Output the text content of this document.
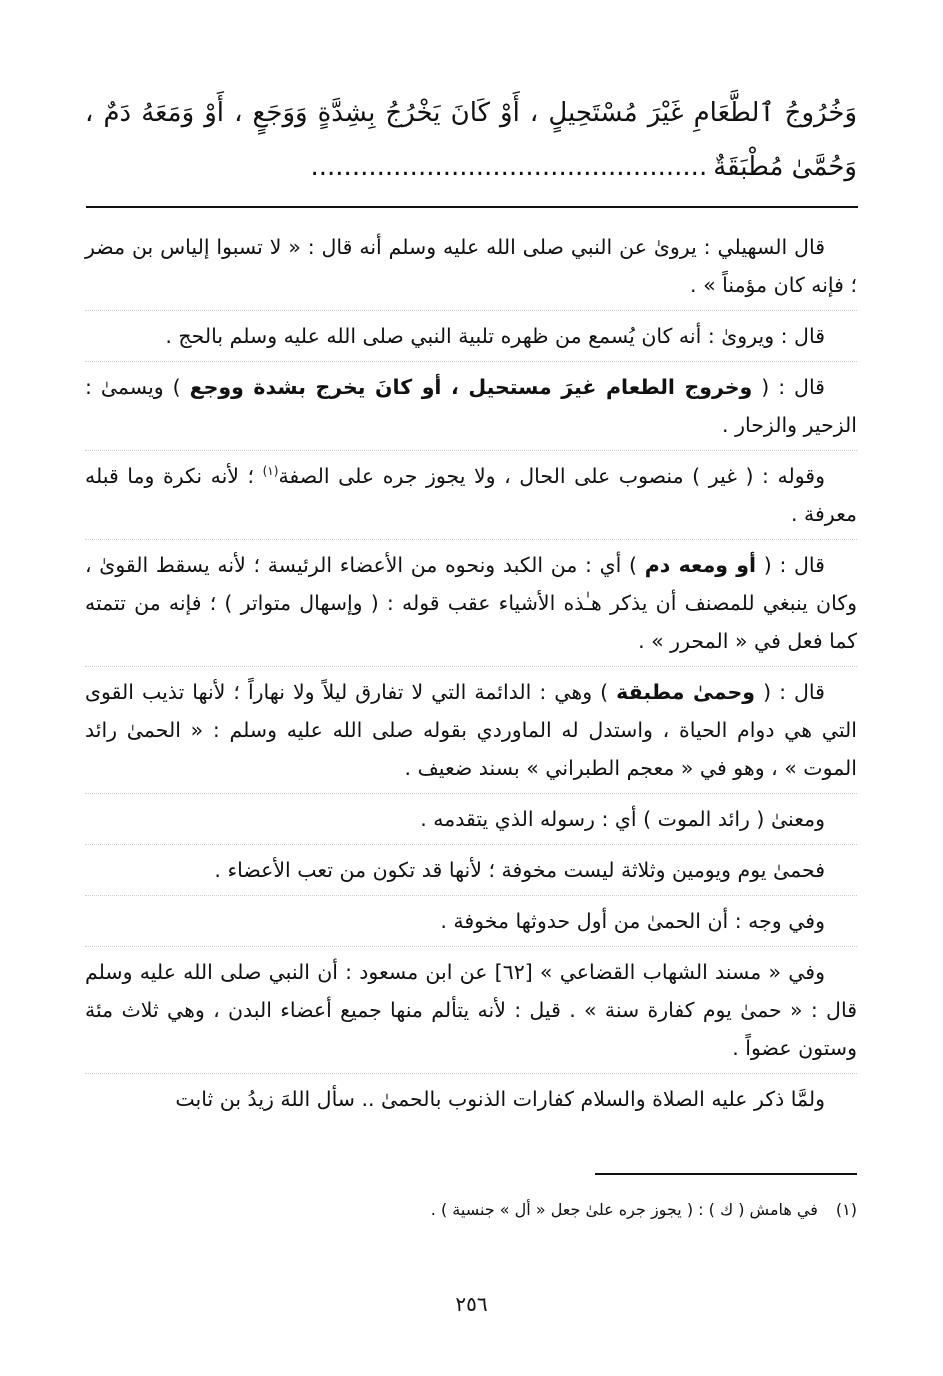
وَخُرُوجُ ٱلطَّعَامِ غَيْرَ مُسْتَحِيلٍ ، أَوْ كَانَ يَخْرُجُ بِشِدَّةٍ وَوَجَعٍ ، أَوْ وَمَعَهُ دَمٌ ، وَحُمَّىٰ مُطْبَقَةٌ................................................

قال السهيلي : يروىٰ عن النبي صلى الله عليه وسلم أنه قال : « لا تسبوا إلياس بن مضر ؛ فإنه كان مؤمناً » .

قال : ويروىٰ : أنه كان يُسمع من ظهره تلبية النبي صلى الله عليه وسلم بالحج .

قال : ( وخروج الطعام غيرَ مستحيل ، أو كانَ يخرج بشدة ووجع ) ويسمىٰ : الزحير والزحار .

وقوله : ( غير ) منصوب على الحال ، ولا يجوز جره على الصفة$^{(١)}$ ؛ لأنه نكرة وما قبله معرفة .

قال : ( أو ومعه دم ) أي : من الكبد ونحوه من الأعضاء الرئيسة ؛ لأنه يسقط القوىٰ ، وكان ينبغي للمصنف أن يذكر هـٰذه الأشياء عقب قوله : ( وإسهال متواتر ) ؛ فإنه من تتمته كما فعل في « المحرر » .

قال : ( وحمىٰ مطبقة ) وهي : الدائمة التي لا تفارق ليلاً ولا نهاراً ؛ لأنها تذيب القوى التي هي دوام الحياة ، واستدل له الماوردي بقوله صلى الله عليه وسلم : « الحمىٰ رائد الموت » ، وهو في « معجم الطبراني » بسند ضعيف .

ومعنىٰ ( رائد الموت ) أي : رسوله الذي يتقدمه .

فحمىٰ يوم ويومين وثلاثة ليست مخوفة ؛ لأنها قد تكون من تعب الأعضاء .

وفي وجه : أن الحمىٰ من أول حدوثها مخوفة .

وفي « مسند الشهاب القضاعي » [٦٢] عن ابن مسعود : أن النبي صلى الله عليه وسلم قال : « حمىٰ يوم كفارة سنة » . قيل : لأنه يتألم منها جميع أعضاء البدن ، وهي ثلاث مئة وستون عضواً .

ولمَّا ذكر عليه الصلاة والسلام كفارات الذنوب بالحمىٰ .. سأل اللهَ زيدُ بن ثابت

(١)في هامش ( ك ) : ( يجوز جره علىٰ جعل « أل » جنسية ) .
٢٥٦
